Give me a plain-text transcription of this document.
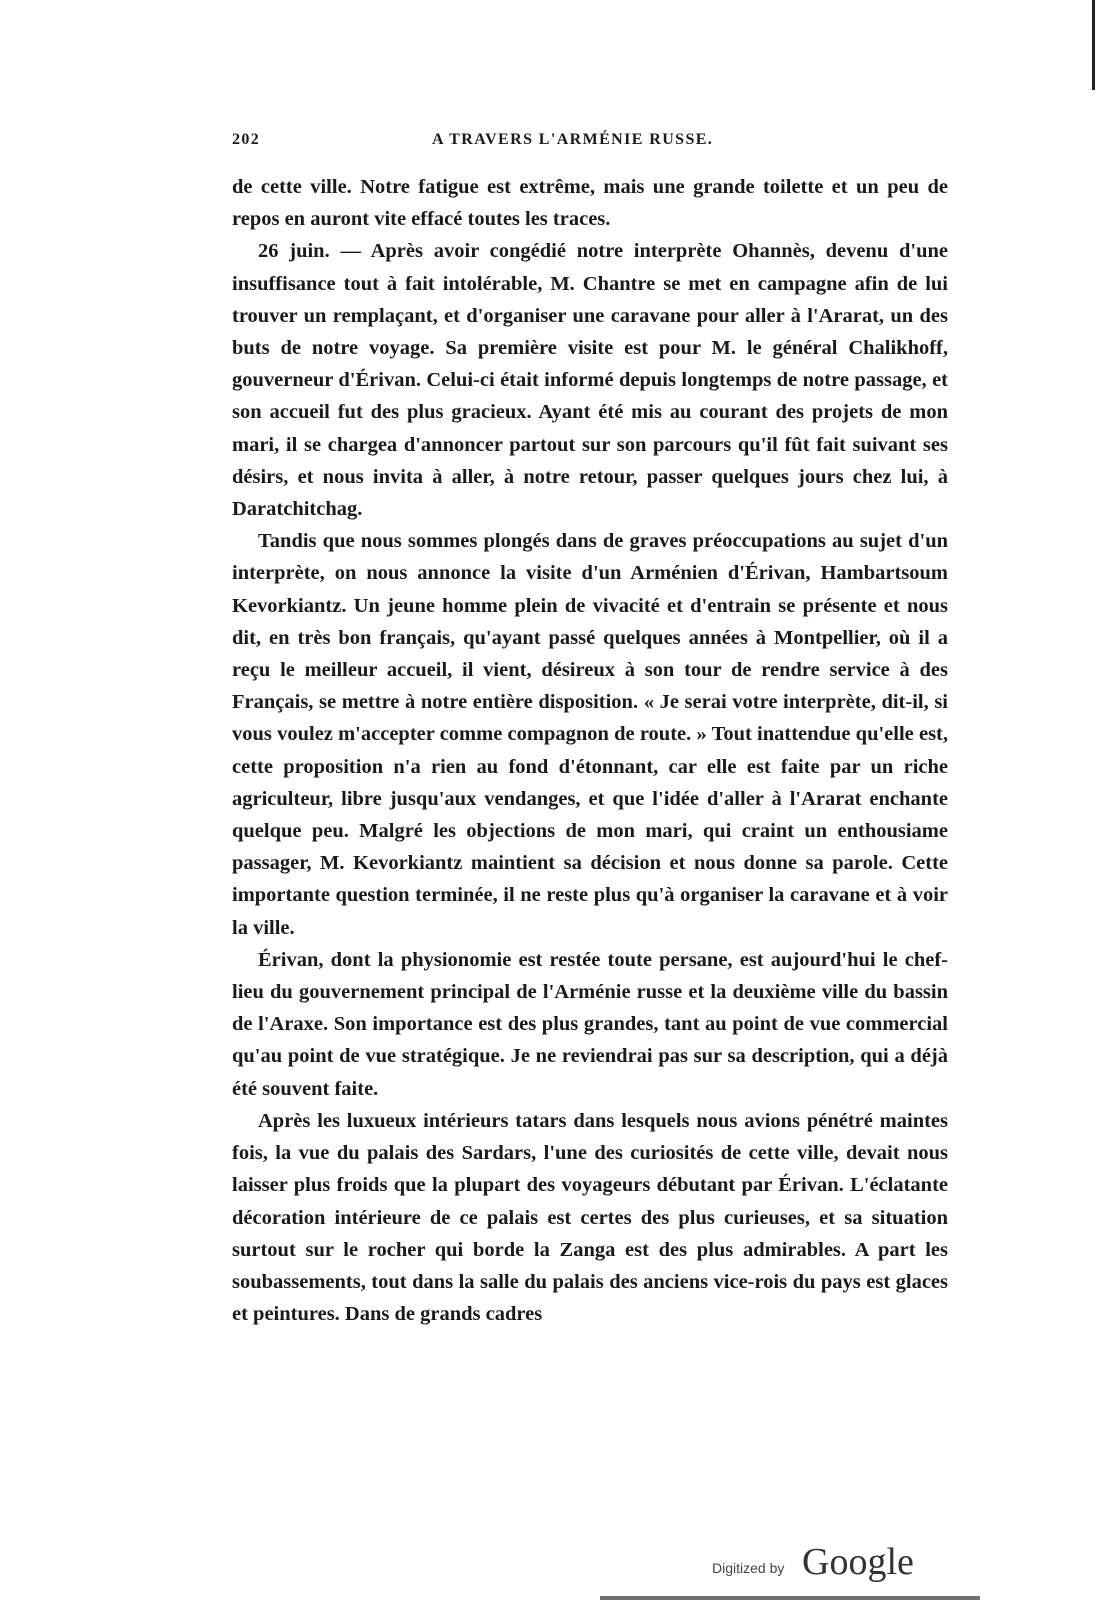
202	A TRAVERS L'ARMÉNIE RUSSE.

de cette ville. Notre fatigue est extrême, mais une grande toilette et un peu de repos en auront vite effacé toutes les traces.

26 juin. — Après avoir congédié notre interprète Ohannès, devenu d'une insuffisance tout à fait intolérable, M. Chantre se met en campagne afin de lui trouver un remplaçant, et d'organiser une caravane pour aller à l'Ararat, un des buts de notre voyage. Sa première visite est pour M. le général Chalikhoff, gouverneur d'Érivan. Celui-ci était informé depuis longtemps de notre passage, et son accueil fut des plus gracieux. Ayant été mis au courant des projets de mon mari, il se chargea d'annoncer partout sur son parcours qu'il fût fait suivant ses désirs, et nous invita à aller, à notre retour, passer quelques jours chez lui, à Daratchitchag.

Tandis que nous sommes plongés dans de graves préoccupations au sujet d'un interprète, on nous annonce la visite d'un Arménien d'Érivan, Hambartsoum Kevorkiantz. Un jeune homme plein de vivacité et d'entrain se présente et nous dit, en très bon français, qu'ayant passé quelques années à Montpellier, où il a reçu le meilleur accueil, il vient, désireux à son tour de rendre service à des Français, se mettre à notre entière disposition. « Je serai votre interprète, dit-il, si vous voulez m'accepter comme compagnon de route. » Tout inattendue qu'elle est, cette proposition n'a rien au fond d'étonnant, car elle est faite par un riche agriculteur, libre jusqu'aux vendanges, et que l'idée d'aller à l'Ararat enchante quelque peu. Malgré les objections de mon mari, qui craint un enthousiame passager, M. Kevorkiantz maintient sa décision et nous donne sa parole. Cette importante question terminée, il ne reste plus qu'à organiser la caravane et à voir la ville.

Érivan, dont la physionomie est restée toute persane, est aujourd'hui le chef-lieu du gouvernement principal de l'Arménie russe et la deuxième ville du bassin de l'Araxe. Son importance est des plus grandes, tant au point de vue commercial qu'au point de vue stratégique. Je ne reviendrai pas sur sa description, qui a déjà été souvent faite.

Après les luxueux intérieurs tatars dans lesquels nous avions pénétré maintes fois, la vue du palais des Sardars, l'une des curiosités de cette ville, devait nous laisser plus froids que la plupart des voyageurs débutant par Érivan. L'éclatante décoration intérieure de ce palais est certes des plus curieuses, et sa situation surtout sur le rocher qui borde la Zanga est des plus admirables. A part les soubassements, tout dans la salle du palais des anciens vice-rois du pays est glaces et peintures. Dans de grands cadres

Digitized by Google
